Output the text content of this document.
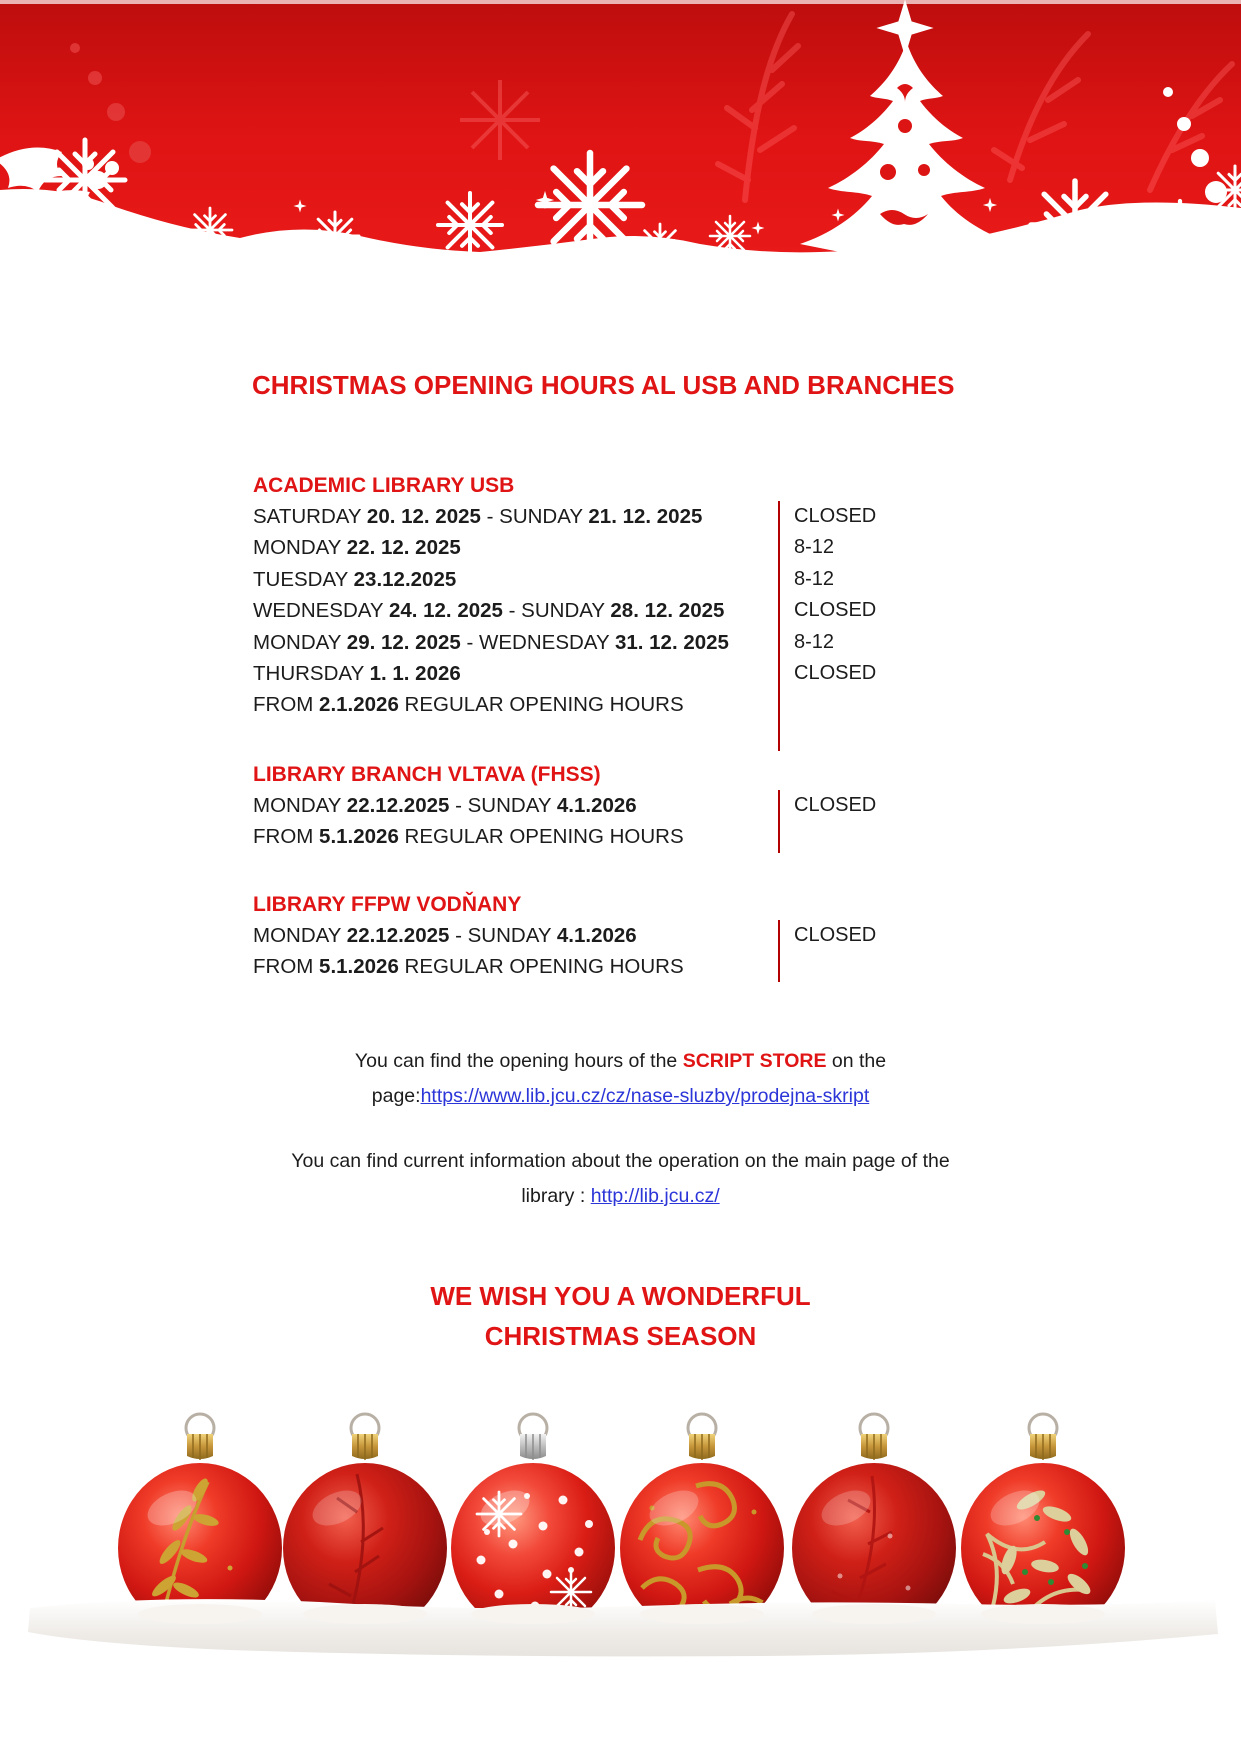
CHRISTMAS OPENING HOURS AL USB AND BRANCHES
ACADEMIC LIBRARY USB
SATURDAY 20. 12. 2025 - SUNDAY 21. 12. 2025
MONDAY 22. 12. 2025
TUESDAY 23.12.2025
WEDNESDAY 24. 12. 2025 - SUNDAY 28. 12. 2025
MONDAY 29. 12. 2025 - WEDNESDAY 31. 12. 2025
THURSDAY 1. 1. 2026
FROM 2.1.2026 REGULAR OPENING HOURS
CLOSED
8-12
8-12
CLOSED
8-12
CLOSED
LIBRARY BRANCH VLTAVA (FHSS)
MONDAY 22.12.2025 - SUNDAY 4.1.2026
FROM 5.1.2026 REGULAR OPENING HOURS
CLOSED
LIBRARY FFPW VODŇANY
MONDAY 22.12.2025 - SUNDAY 4.1.2026
FROM 5.1.2026 REGULAR OPENING HOURS
CLOSED
You can find the opening hours of the SCRIPT STORE on the
page:https://www.lib.jcu.cz/cz/nase-sluzby/prodejna-skript
You can find current information about the operation on the main page of the
library : http://lib.jcu.cz/
WE WISH YOU A WONDERFUL
CHRISTMAS SEASON
